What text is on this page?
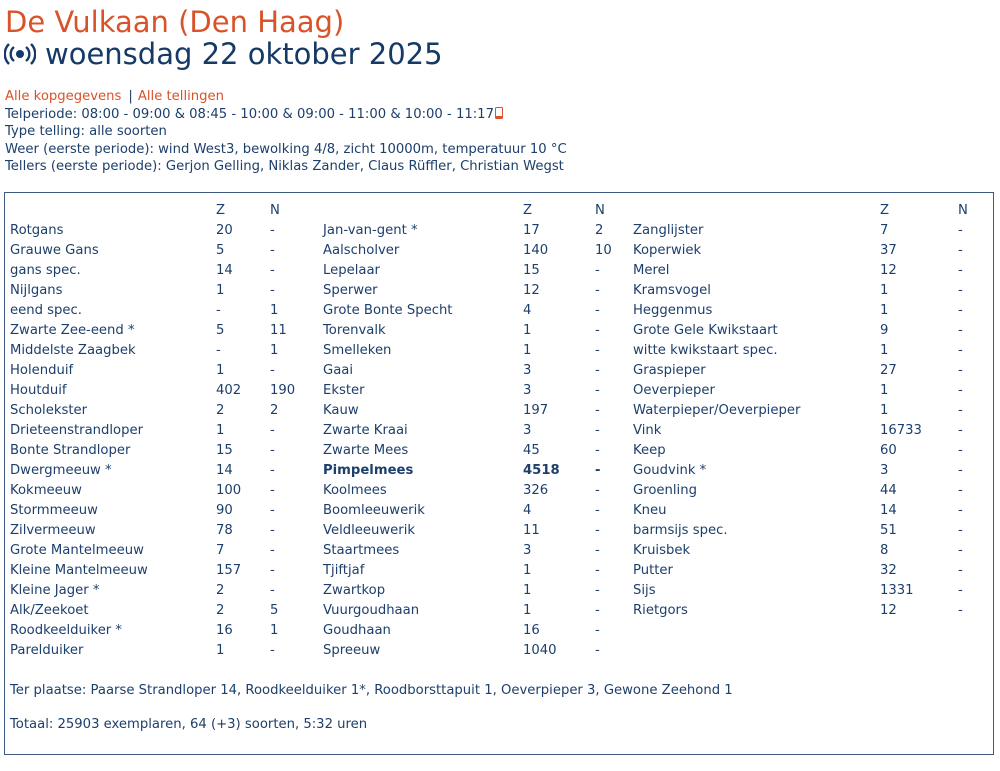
De Vulkaan (Den Haag)
woensdag 22 oktober 2025
Alle kopgegevens | Alle tellingen
Telperiode: 08:00 - 09:00 & 08:45 - 10:00 & 09:00 - 11:00 & 10:00 - 11:17
Type telling: alle soorten
Weer (eerste periode): wind West3, bewolking 4/8, zicht 10000m, temperatuur 10 °C
Tellers (eerste periode): Gerjon Gelling, Niklas Zander, Claus Rüffler, Christian Wegst
Z	N
Rotgans	20	-
Grauwe Gans	5	-
gans spec.	14	-
Nijlgans	1	-
eend spec.	-	1
Zwarte Zee-eend *	5	11
Middelste Zaagbek	-	1
Holenduif	1	-
Houtduif	402 190
Scholekster	2	2
Drieteenstrandloper	1	-
Bonte Strandloper	15	-
Dwergmeeuw *	14	-
Kokmeeuw	100 -
Stormmeeuw	90	-
Zilvermeeuw	78	-
Grote Mantelmeeuw	7	-
Kleine Mantelmeeuw	157 -
Kleine Jager *	2	-
Alk/Zeekoet	2	5
Roodkeelduiker *	16	1
Parelduiker	1	-
Z	N
Jan-van-gent *	17	2
Aalscholver	140	10
Lepelaar	15	-
Sperwer	12	-
Grote Bonte Specht	4	-
Torenvalk	1	-
Smelleken	1	-
Gaai	3	-
Ekster	3	-
Kauw	197	-
Zwarte Kraai	3	-
Zwarte Mees	45	-
Pimpelmees	4518	-
Koolmees	326	-
Boomleeuwerik	4	-
Veldleeuwerik	11	-
Staartmees	3	-
Tjiftjaf	1	-
Zwartkop	1	-
Vuurgoudhaan	1	-
Goudhaan	16	-
Spreeuw	1040	-
Z	N
Zanglijster	7	-
Koperwiek	37	-
Merel	12	-
Kramsvogel	1	-
Heggenmus	1	-
Grote Gele Kwikstaart	9	-
witte kwikstaart spec.	1	-
Graspieper	27	-
Oeverpieper	1	-
Waterpieper/Oeverpieper	1	-
Vink	16733	-
Keep	60	-
Goudvink *	3	-
Groenling	44	-
Kneu	14	-
barmsijs spec.	51	-
Kruisbek	8	-
Putter	32	-
Sijs	1331	-
Rietgors	12	-
Ter plaatse: Paarse Strandloper 14, Roodkeelduiker 1*, Roodborsttapuit 1, Oeverpieper 3, Gewone Zeehond 1
Totaal: 25903 exemplaren, 64 (+3) soorten, 5:32 uren
